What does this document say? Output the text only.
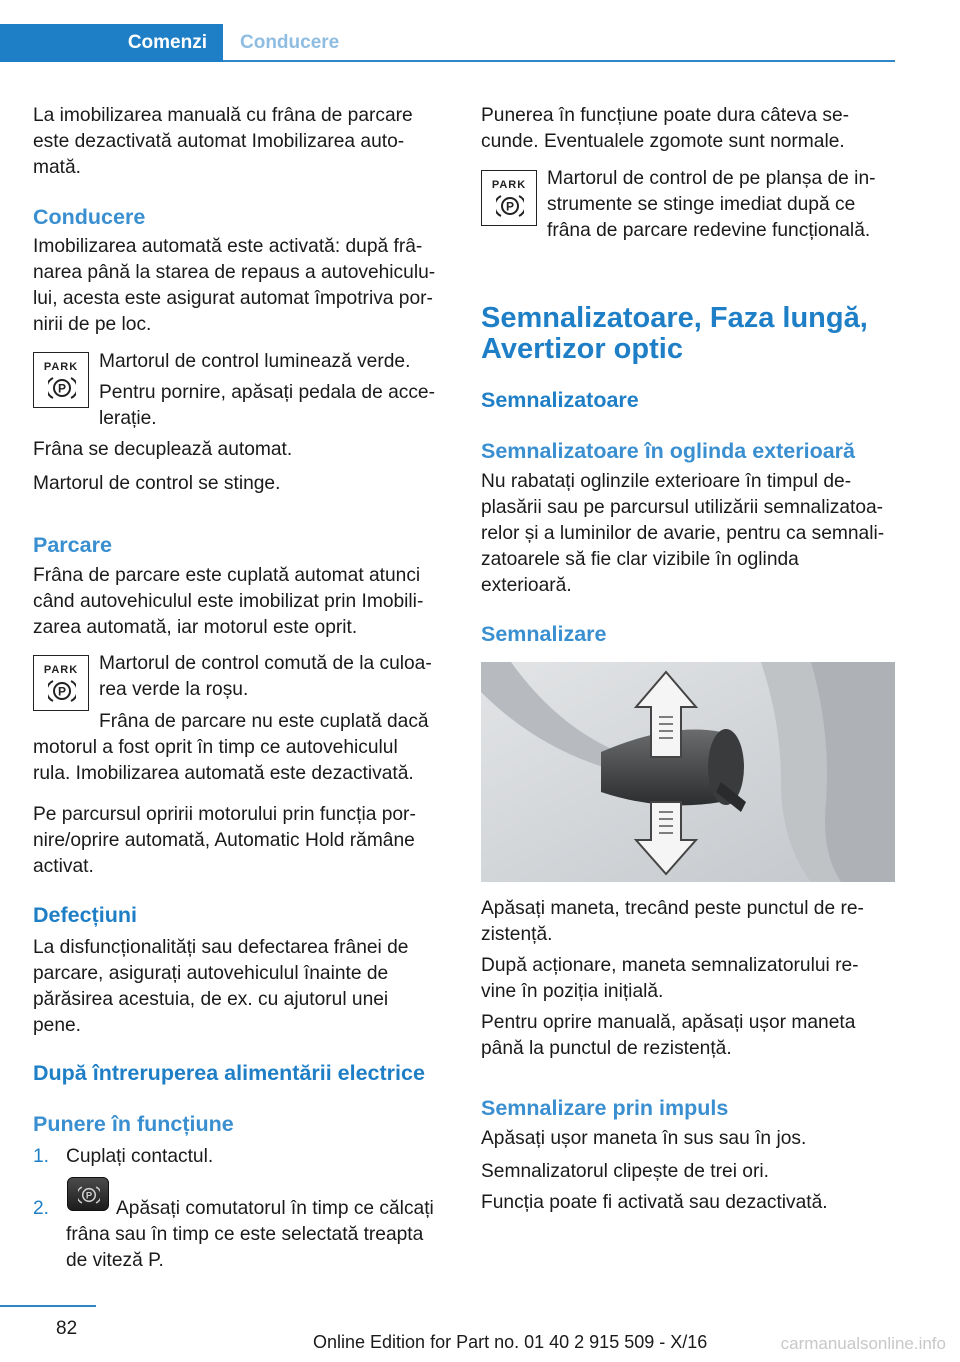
Comenzi	Conducere

La imobilizarea manuală cu frâna de parcare

este dezactivată automat Imobilizarea auto-

mată.

Conducere

Imobilizarea automată este activată: după frâ-

narea până la starea de repaus a autovehiculu-

lui, acesta este asigurat automat împotriva por-

nirii de pe loc.

PARK
P

Martorul de control luminează verde.

Pentru pornire, apăsați pedala de acce-

lerație.

Frâna se decuplează automat.

Martorul de control se stinge.

Parcare

Frâna de parcare este cuplată automat atunci

când autovehiculul este imobilizat prin Imobili-

zarea automată, iar motorul este oprit.

PARK
P

Martorul de control comută de la culoa-

rea verde la roșu.

Frâna de parcare nu este cuplată dacă

motorul a fost oprit în timp ce autovehiculul

rula. Imobilizarea automată este dezactivată.

Pe parcursul opririi motorului prin funcția por-

nire/oprire automată, Automatic Hold rămâne

activat.

Defecțiuni

La disfuncționalități sau defectarea frânei de

parcare, asigurați autovehiculul înainte de

părăsirea acestuia, de ex. cu ajutorul unei

pene.

După întreruperea alimentării electrice
Punere în funcțiune
1. Cuplați contactul.

2.
P

Apăsați comutatorul în timp ce călcați

frâna sau în timp ce este selectată treapta

de viteză P.

Punerea în funcțiune poate dura câteva se-

cunde. Eventualele zgomote sunt normale.

PARK
P

Martorul de control de pe planșa de in-

strumente se stinge imediat după ce

frâna de parcare redevine funcțională.

Semnalizatoare, Faza lungă,
Avertizor optic
Semnalizatoare
Semnalizatoare în oglinda exterioară

Nu rabatați oglinzile exterioare în timpul de-

plasării sau pe parcursul utilizării semnalizatoa-

relor și a luminilor de avarie, pentru ca semnali-

zatoarele să fie clar vizibile în oglinda

exterioară.

Semnalizare

Apăsați maneta, trecând peste punctul de re-

zistență.

După acționare, maneta semnalizatorului re-

vine în poziția inițială.

Pentru oprire manuală, apăsați ușor maneta

până la punctul de rezistență.

Semnalizare prin impuls

Apăsați ușor maneta în sus sau în jos.

Semnalizatorul clipește de trei ori.

Funcția poate fi activată sau dezactivată.

82
Online Edition for Part no. 01 40 2 915 509 - X/16	carmanualsonline.info
